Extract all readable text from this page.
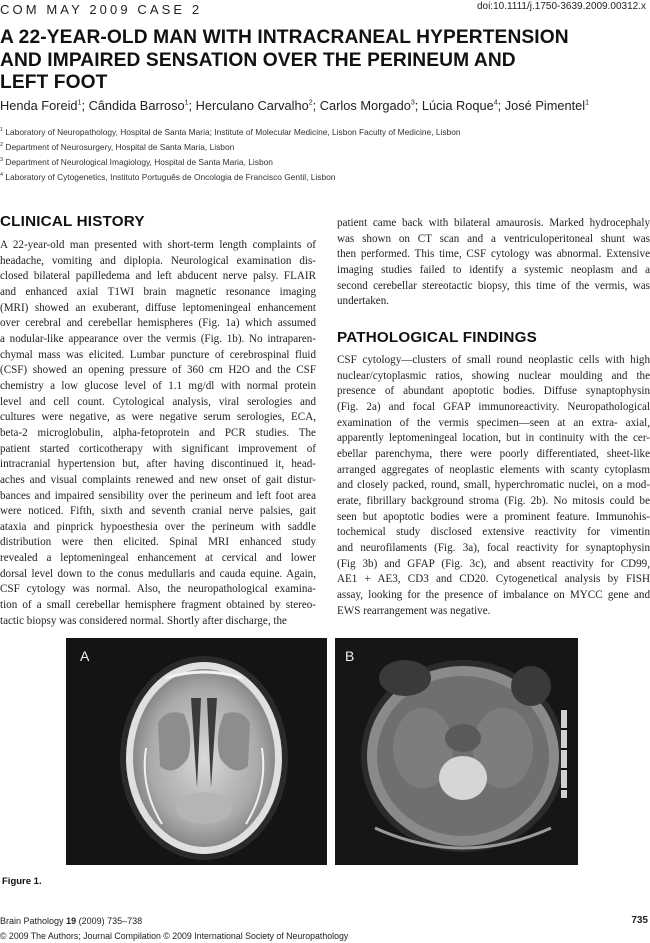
COM MAY 2009 CASE 2	doi:10.1111/j.1750-3639.2009.00312.x
A 22-YEAR-OLD MAN WITH INTRACRANEAL HYPERTENSION
AND IMPAIRED SENSATION OVER THE PERINEUM AND
LEFT FOOT
Henda Foreid$^1$; Cândida Barroso$^1$; Herculano Carvalho$^2$; Carlos Morgado$^3$; Lúcia Roque$^4$; José Pimentel$^1$
$^1$ Laboratory of Neuropathology, Hospital de Santa Maria; Institute of Molecular Medicine, Lisbon Faculty of Medicine, Lisbon
$^2$ Department of Neurosurgery, Hospital de Santa Maria, Lisbon
$^3$ Department of Neurological Imagiology, Hospital de Santa Maria, Lisbon
$^4$ Laboratory of Cytogenetics, Instituto Português de Oncologia de Francisco Gentil, Lisbon
CLINICAL HISTORY
A 22-year-old man presented with short-term length complaints of
headache, vomiting and diplopia. Neurological examination dis-
closed bilateral papilledema and left abducent nerve palsy. FLAIR
and enhanced axial T1WI brain magnetic resonance imaging
(MRI) showed an exuberant, diffuse leptomeningeal enhancement
over cerebral and cerebellar hemispheres (Fig. 1a) which assumed
a nodular-like appearance over the vermis (Fig. 1b). No intraparen-
chymal mass was elicited. Lumbar puncture of cerebrospinal fluid
(CSF) showed an opening pressure of 360 cm H2O and the CSF
chemistry a low glucose level of 1.1 mg/dl with normal protein
level and cell count. Cytological analysis, viral serologies and
cultures were negative, as were negative serum serologies, ECA,
beta-2 microglobulin, alpha-fetoprotein and PCR studies. The
patient started corticotherapy with significant improvement of
intracranial hypertension but, after having discontinued it, head-
aches and visual complaints renewed and new onset of gait distur-
bances and impaired sensibility over the perineum and left foot area
were noticed. Fifth, sixth and seventh cranial nerve palsies, gait
ataxia and pinprick hypoesthesia over the perineum with saddle
distribution were then elicited. Spinal MRI enhanced study
revealed a leptomeningeal enhancement at cervical and lower
dorsal level down to the conus medullaris and cauda equine. Again,
CSF cytology was normal. Also, the neuropathological examina-
tion of a small cerebellar hemisphere fragment obtained by stereo-
tactic biopsy was considered normal. Shortly after discharge, the
patient came back with bilateral amaurosis. Marked hydrocephaly
was shown on CT scan and a ventriculoperitoneal shunt was
then performed. This time, CSF cytology was abnormal. Extensive
imaging studies failed to identify a systemic neoplasm and a
second cerebellar stereotactic biopsy, this time of the vermis, was
undertaken.
PATHOLOGICAL FINDINGS
CSF cytology—clusters of small round neoplastic cells with high
nuclear/cytoplasmic ratios, showing nuclear moulding and the
presence of abundant apoptotic bodies. Diffuse synaptophysin
(Fig. 2a) and focal GFAP immunoreactivity. Neuropathological
examination of the vermis specimen—seen at an extra- axial,
apparently leptomeningeal location, but in continuity with the cer-
ebellar parenchyma, there were poorly differentiated, sheet-like
arranged aggregates of neoplastic elements with scanty cytoplasm
and closely packed, round, small, hyperchromatic nuclei, on a mod-
erate, fibrillary background stroma (Fig. 2b). No mitosis could be
seen but apoptotic bodies were a prominent feature. Immunohis-
tochemical study disclosed extensive reactivity for vimentin
and neurofilaments (Fig. 3a), focal reactivity for synaptophysin
(Fig 3b) and GFAP (Fig. 3c), and absent reactivity for CD99,
AE1 + AE3, CD3 and CD20. Cytogenetical analysis by FISH
assay, looking for the presence of imbalance on MYCC gene and
EWS rearrangement was negative.
A	B
Figure 1.
Brain Pathology 19 (2009) 735–738	735
© 2009 The Authors; Journal Compilation © 2009 International Society of Neuropathology
